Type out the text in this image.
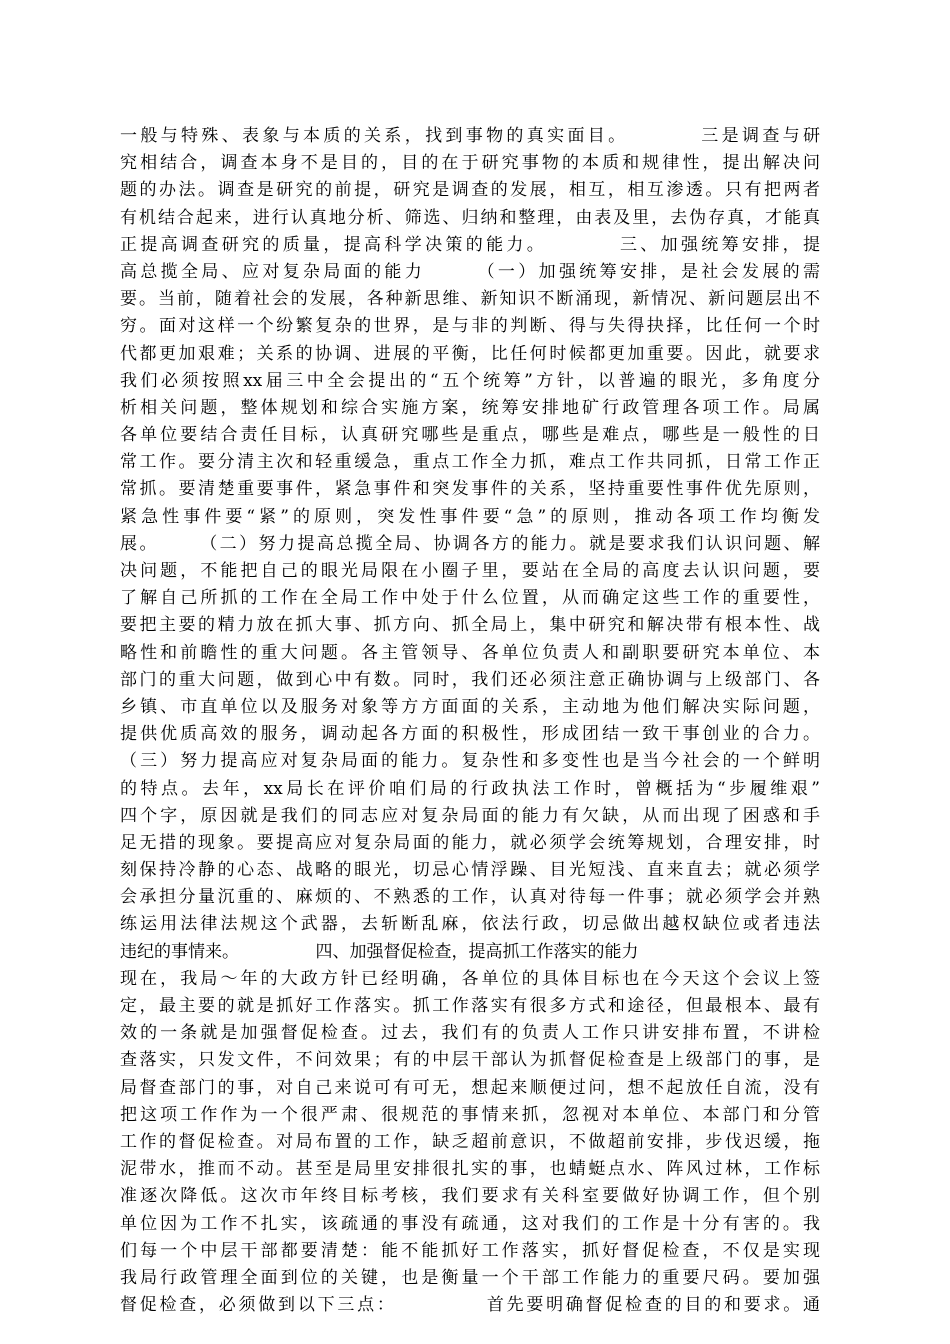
一般与特殊、表象与本质的关系，找到事物的真实面目。　　　　三是调查与研
究相结合，调查本身不是目的，目的在于研究事物的本质和规律性，提出解决问
题的办法。调查是研究的前提，研究是调查的发展，相互，相互渗透。只有把两者
有机结合起来，进行认真地分析、筛选、归纳和整理，由表及里，去伪存真，才能真
正提高调查研究的质量，提高科学决策的能力。　　　　三、加强统筹安排，提
高总揽全局、应对复杂局面的能力　　　（一）加强统筹安排，是社会发展的需
要。当前，随着社会的发展，各种新思维、新知识不断涌现，新情况、新问题层出不
穷。面对这样一个纷繁复杂的世界，是与非的判断、得与失得抉择，比任何一个时
代都更加艰难；关系的协调、进展的平衡，比任何时候都更加重要。因此，就要求
我们必须按照xx届三中全会提出的“五个统筹”方针，以普遍的眼光，多角度分
析相关问题，整体规划和综合实施方案，统筹安排地矿行政管理各项工作。局属
各单位要结合责任目标，认真研究哪些是重点，哪些是难点，哪些是一般性的日
常工作。要分清主次和轻重缓急，重点工作全力抓，难点工作共同抓，日常工作正
常抓。要清楚重要事件，紧急事件和突发事件的关系，坚持重要性事件优先原则，
紧急性事件要“紧”的原则，突发性事件要“急”的原则，推动各项工作均衡发
展。　　　（二）努力提高总揽全局、协调各方的能力。就是要求我们认识问题、解
决问题，不能把自己的眼光局限在小圈子里，要站在全局的高度去认识问题，要
了解自己所抓的工作在全局工作中处于什么位置，从而确定这些工作的重要性，
要把主要的精力放在抓大事、抓方向、抓全局上，集中研究和解决带有根本性、战
略性和前瞻性的重大问题。各主管领导、各单位负责人和副职要研究本单位、本
部门的重大问题，做到心中有数。同时，我们还必须注意正确协调与上级部门、各
乡镇、市直单位以及服务对象等方方面面的关系，主动地为他们解决实际问题，
提供优质高效的服务，调动起各方面的积极性，形成团结一致干事创业的合力。
（三）努力提高应对复杂局面的能力。复杂性和多变性也是当今社会的一个鲜明
的特点。去年，xx局长在评价咱们局的行政执法工作时，曾概括为“步履维艰”
四个字，原因就是我们的同志应对复杂局面的能力有欠缺，从而出现了困惑和手
足无措的现象。要提高应对复杂局面的能力，就必须学会统筹规划，合理安排，时
刻保持冷静的心态、战略的眼光，切忌心情浮躁、目光短浅、直来直去；就必须学
会承担分量沉重的、麻烦的、不熟悉的工作，认真对待每一件事；就必须学会并熟
练运用法律法规这个武器，去斩断乱麻，依法行政，切忌做出越权缺位或者违法
违纪的事情来。　　　　　四、加强督促检查，提高抓工作落实的能力
现在，我局～年的大政方针已经明确，各单位的具体目标也在今天这个会议上签
定，最主要的就是抓好工作落实。抓工作落实有很多方式和途径，但最根本、最有
效的一条就是加强督促检查。过去，我们有的负责人工作只讲安排布置，不讲检
查落实，只发文件，不问效果；有的中层干部认为抓督促检查是上级部门的事，是
局督查部门的事，对自己来说可有可无，想起来顺便过问，想不起放任自流，没有
把这项工作作为一个很严肃、很规范的事情来抓，忽视对本单位、本部门和分管
工作的督促检查。对局布置的工作，缺乏超前意识，不做超前安排，步伐迟缓，拖
泥带水，推而不动。甚至是局里安排很扎实的事，也蜻蜓点水、阵风过林，工作标
准逐次降低。这次市年终目标考核，我们要求有关科室要做好协调工作，但个别
单位因为工作不扎实，该疏通的事没有疏通，这对我们的工作是十分有害的。我
们每一个中层干部都要清楚：能不能抓好工作落实，抓好督促检查，不仅是实现
我局行政管理全面到位的关键，也是衡量一个干部工作能力的重要尺码。要加强
督促检查，必须做到以下三点：　　　　　首先要明确督促检查的目的和要求。通
